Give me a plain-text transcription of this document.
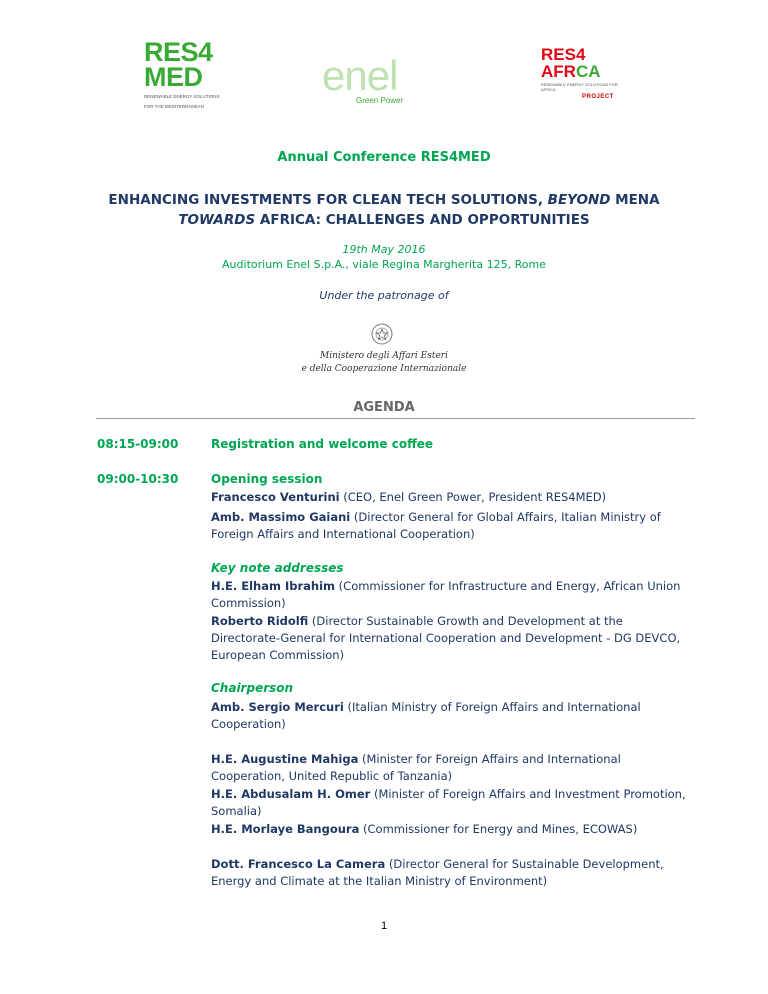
RES4
MED
RENEWABLE ENERGY SOLUTIONS
FOR THE MEDITERRANEAN
enel
Green Power
RES4
AFRCA
RENEWABLE ENERGY SOLUTIONS FOR AFRICA
PROJECT
Annual Conference RES4MED
ENHANCING INVESTMENTS FOR CLEAN TECH SOLUTIONS, BEYOND MENA
TOWARDS AFRICA: CHALLENGES AND OPPORTUNITIES
19th May 2016
Auditorium Enel S.p.A., viale Regina Margherita 125, Rome
Under the patronage of
Ministero degli Affari Esteri
e della Cooperazione Internazionale
AGENDA
08:15-09:00	Registration and welcome coffee
09:00-10:30	Opening session
Francesco Venturini (CEO, Enel Green Power, President RES4MED)
Amb. Massimo Gaiani (Director General for Global Affairs, Italian Ministry of Foreign Affairs and International Cooperation)
Key note addresses
H.E. Elham Ibrahim (Commissioner for Infrastructure and Energy, African Union Commission)
Roberto Ridolfi (Director Sustainable Growth and Development at the Directorate-General for International Cooperation and Development - DG DEVCO, European Commission)
Chairperson
Amb. Sergio Mercuri (Italian Ministry of Foreign Affairs and International Cooperation)
H.E. Augustine Mahiga (Minister for Foreign Affairs and International Cooperation, United Republic of Tanzania)
H.E. Abdusalam H. Omer (Minister of Foreign Affairs and Investment Promotion, Somalia)
H.E. Morlaye Bangoura (Commissioner for Energy and Mines, ECOWAS)
Dott. Francesco La Camera (Director General for Sustainable Development, Energy and Climate at the Italian Ministry of Environment)
1
